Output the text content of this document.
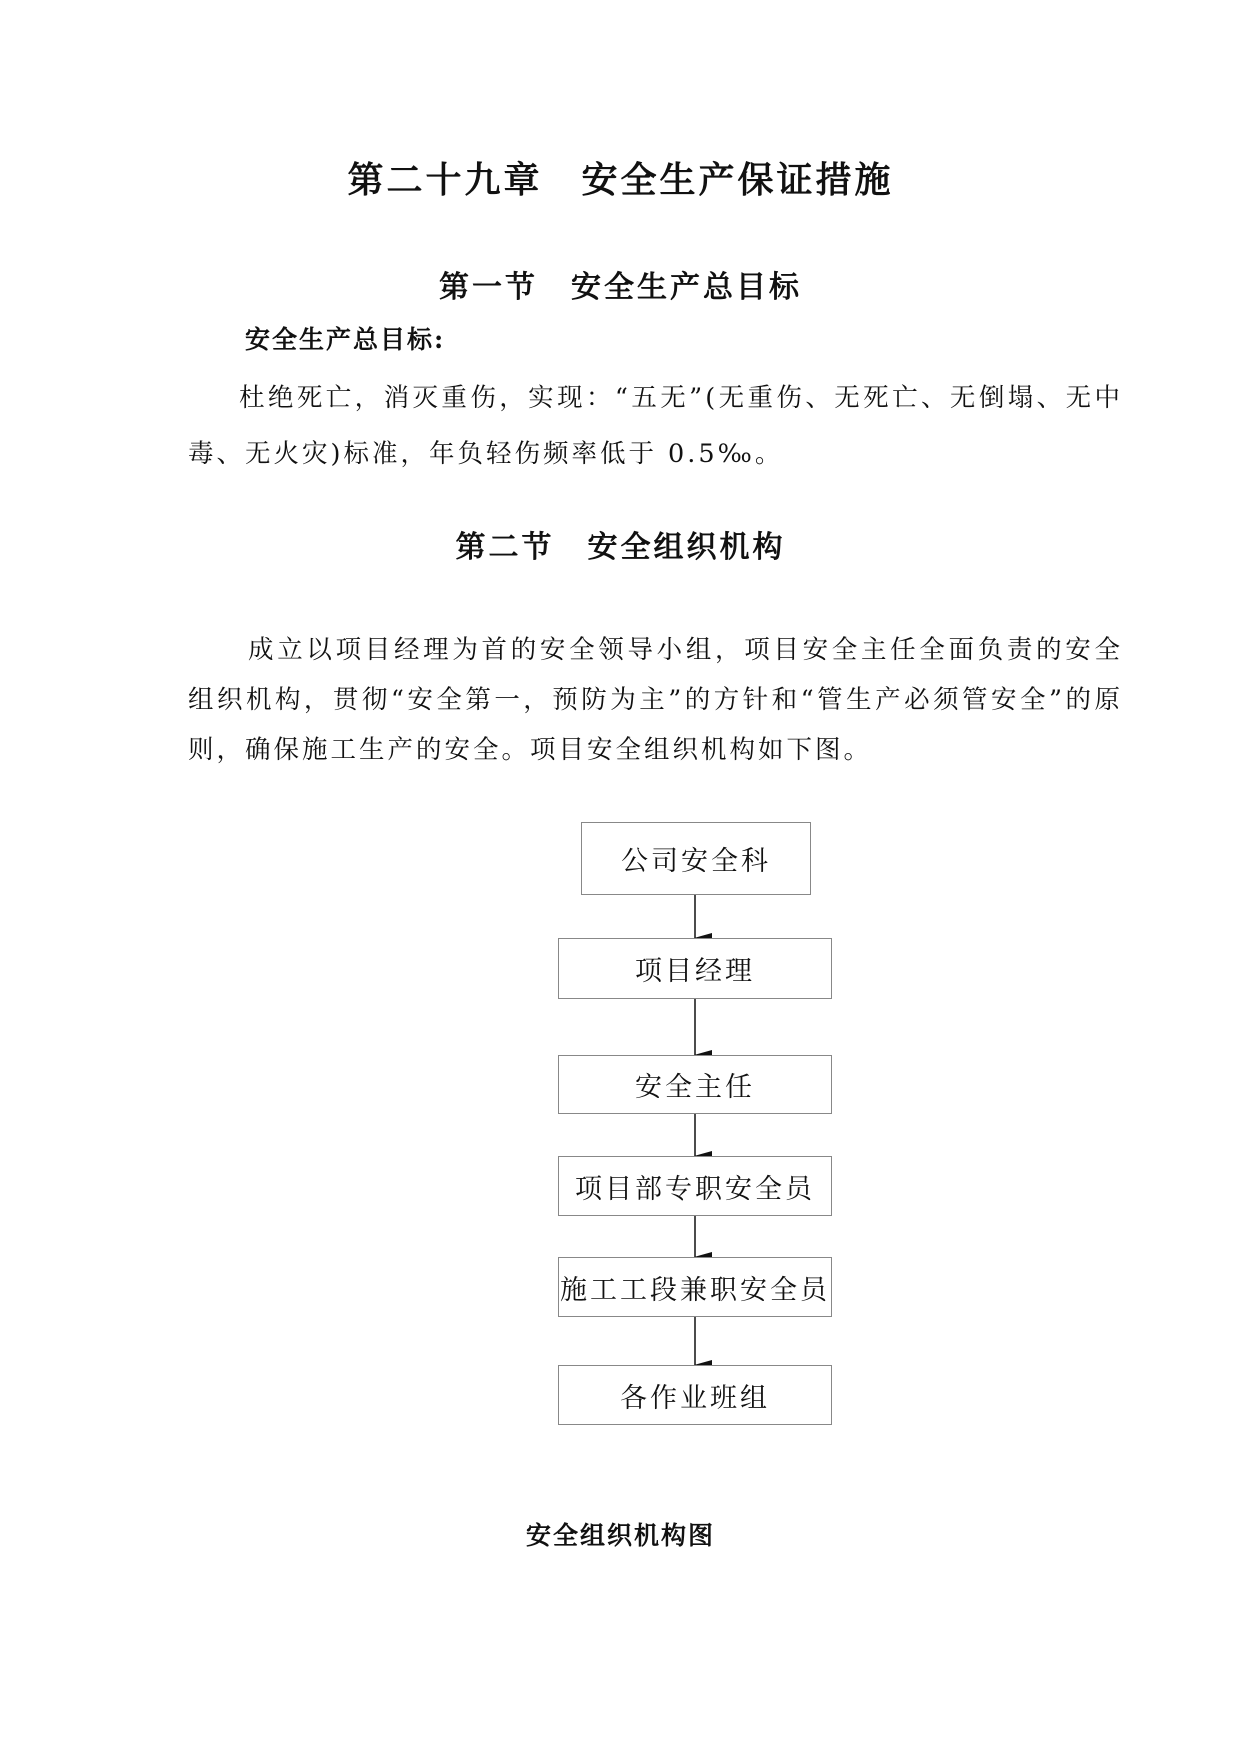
第二十九章　安全生产保证措施
第一节　安全生产总目标
安全生产总目标:
杜绝死亡，消灭重伤，实现：“五无”(无重伤、无死亡、无倒塌、无中毒、无火灾)标准，年负轻伤频率低于 0.5‰。
第二节　安全组织机构
成立以项目经理为首的安全领导小组，项目安全主任全面负责的安全组织机构，贯彻“安全第一，预防为主”的方针和“管生产必须管安全”的原则，确保施工生产的安全。项目安全组织机构如下图。
公司安全科
项目经理
安全主任
项目部专职安全员
施工工段兼职安全员
各作业班组
安全组织机构图
